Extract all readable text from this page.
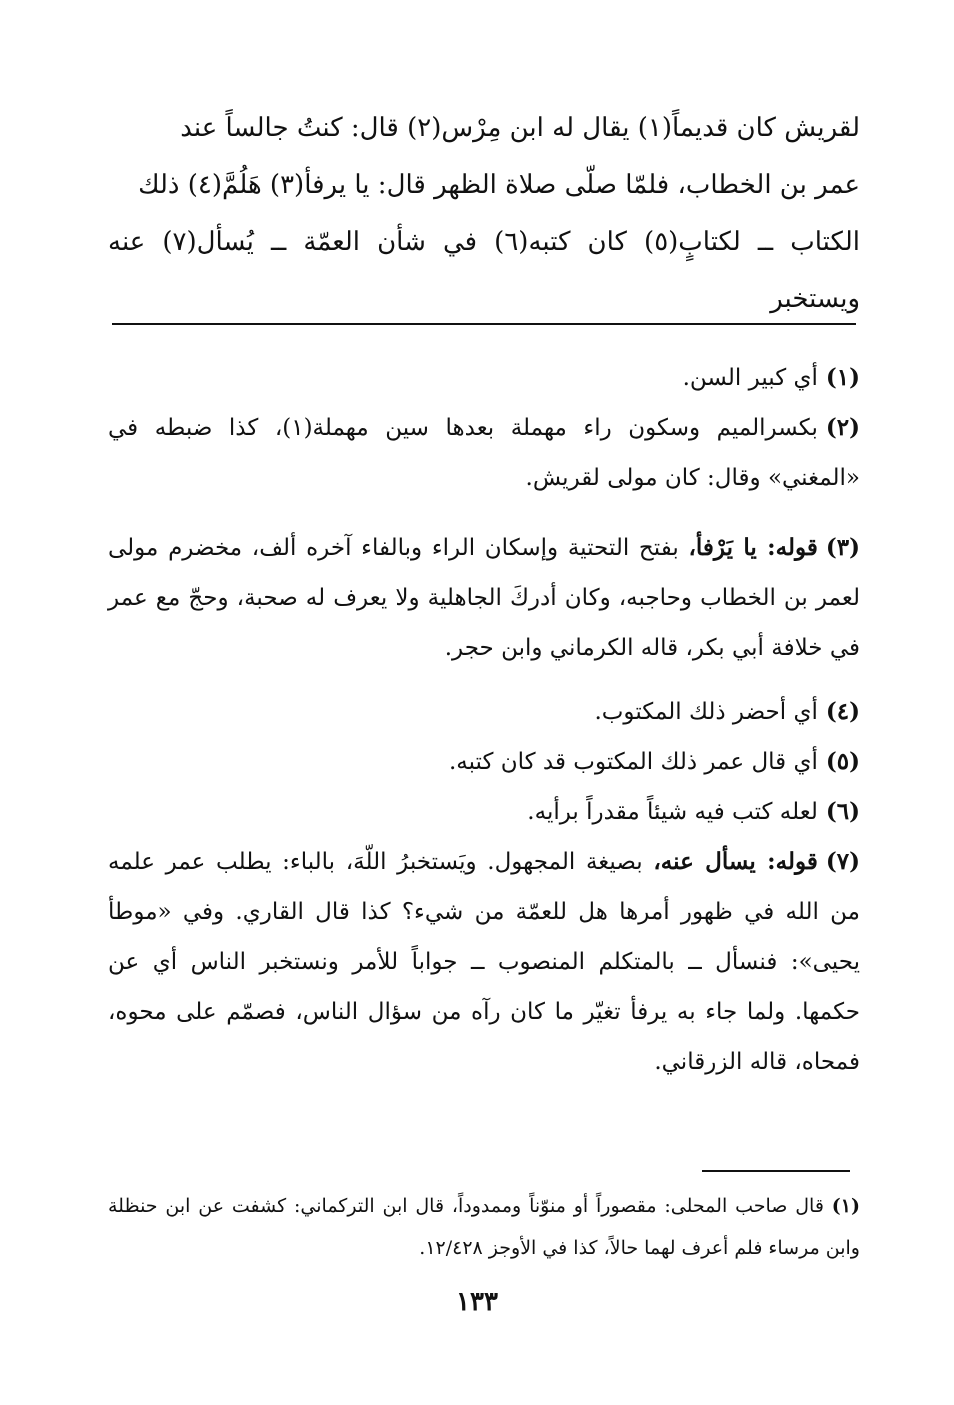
لقريش كان قديماً(١) يقال له ابن مِرْس(٢) قال: كنتُ جالساً عند

عمر بن الخطاب، فلمّا صلّى صلاة الظهر قال: يا يرفأ(٣) هَلُمَّ(٤) ذلك

الكتاب ــ لكتابٍ(٥) كان كتبه(٦) في شأن العمّة ــ يُسأل(٧) عنه ويستخبر

(١)أي كبير السن.

(٢)بكسرالميم وسكون راء مهملة بعدها سين مهملة(١)، كذا ضبطه في «المغني» وقال: كان مولى لقريش.

(٣)قوله: يا يَرْفأ، بفتح التحتية وإسكان الراء وبالفاء آخره ألف، مخضرم مولى لعمر بن الخطاب وحاجبه، وكان أدركَ الجاهلية ولا يعرف له صحبة، وحجّ مع عمر في خلافة أبي بكر، قاله الكرماني وابن حجر.

(٤)أي أحضر ذلك المكتوب.

(٥)أي قال عمر ذلك المكتوب قد كان كتبه.

(٦)لعله كتب فيه شيئاً مقدراً برأيه.

(٧)قوله: يسأل عنه، بصيغة المجهول. ويَستخبرُ اللّهَ، بالباء: يطلب عمر علمه من الله في ظهور أمرها هل للعمّة من شيء؟ كذا قال القاري. وفي «موطأ يحيى»: فنسأل ــ بالمتكلم المنصوب ــ جواباً للأمر ونستخبر الناس أي عن حكمها. ولما جاء به يرفأ تغيّر ما كان رآه من سؤال الناس، فصمّم على محوه، فمحاه، قاله الزرقاني.

(١) قال صاحب المحلى: مقصوراً أو منوّناً وممدوداً، قال ابن التركماني: كشفت عن ابن حنظلة وابن مرساء فلم أعرف لهما حالاً، كذا في الأوجز ١٢/٤٢٨.

١٣٣
